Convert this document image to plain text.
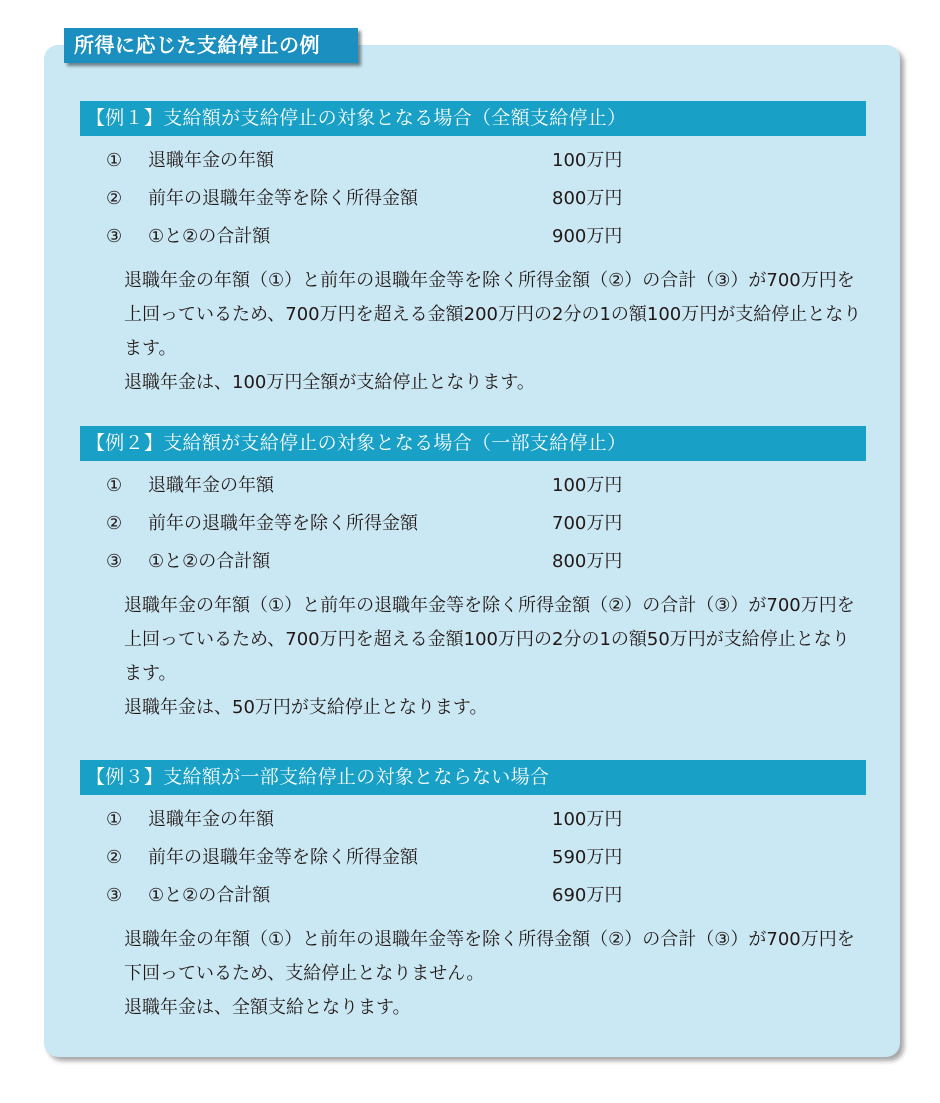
所得に応じた支給停止の例
【例１】支給額が支給停止の対象となる場合（全額支給停止）
① 退職年金の年額	100万円
② 前年の退職年金等を除く所得金額	800万円
③ ①と②の合計額	900万円

退職年金の年額（①）と前年の退職年金等を除く所得金額（②）の合計（③）が700万円を上回っているため、700万円を超える金額200万円の2分の1の額100万円が支給停止となります。

退職年金は、100万円全額が支給停止となります。

【例２】支給額が支給停止の対象となる場合（一部支給停止）
① 退職年金の年額	100万円
② 前年の退職年金等を除く所得金額	700万円
③ ①と②の合計額	800万円

退職年金の年額（①）と前年の退職年金等を除く所得金額（②）の合計（③）が700万円を上回っているため、700万円を超える金額100万円の2分の1の額50万円が支給停止となります。

退職年金は、50万円が支給停止となります。

【例３】支給額が一部支給停止の対象とならない場合
① 退職年金の年額	100万円
② 前年の退職年金等を除く所得金額	590万円
③ ①と②の合計額	690万円

退職年金の年額（①）と前年の退職年金等を除く所得金額（②）の合計（③）が700万円を下回っているため、支給停止となりません。

退職年金は、全額支給となります。
